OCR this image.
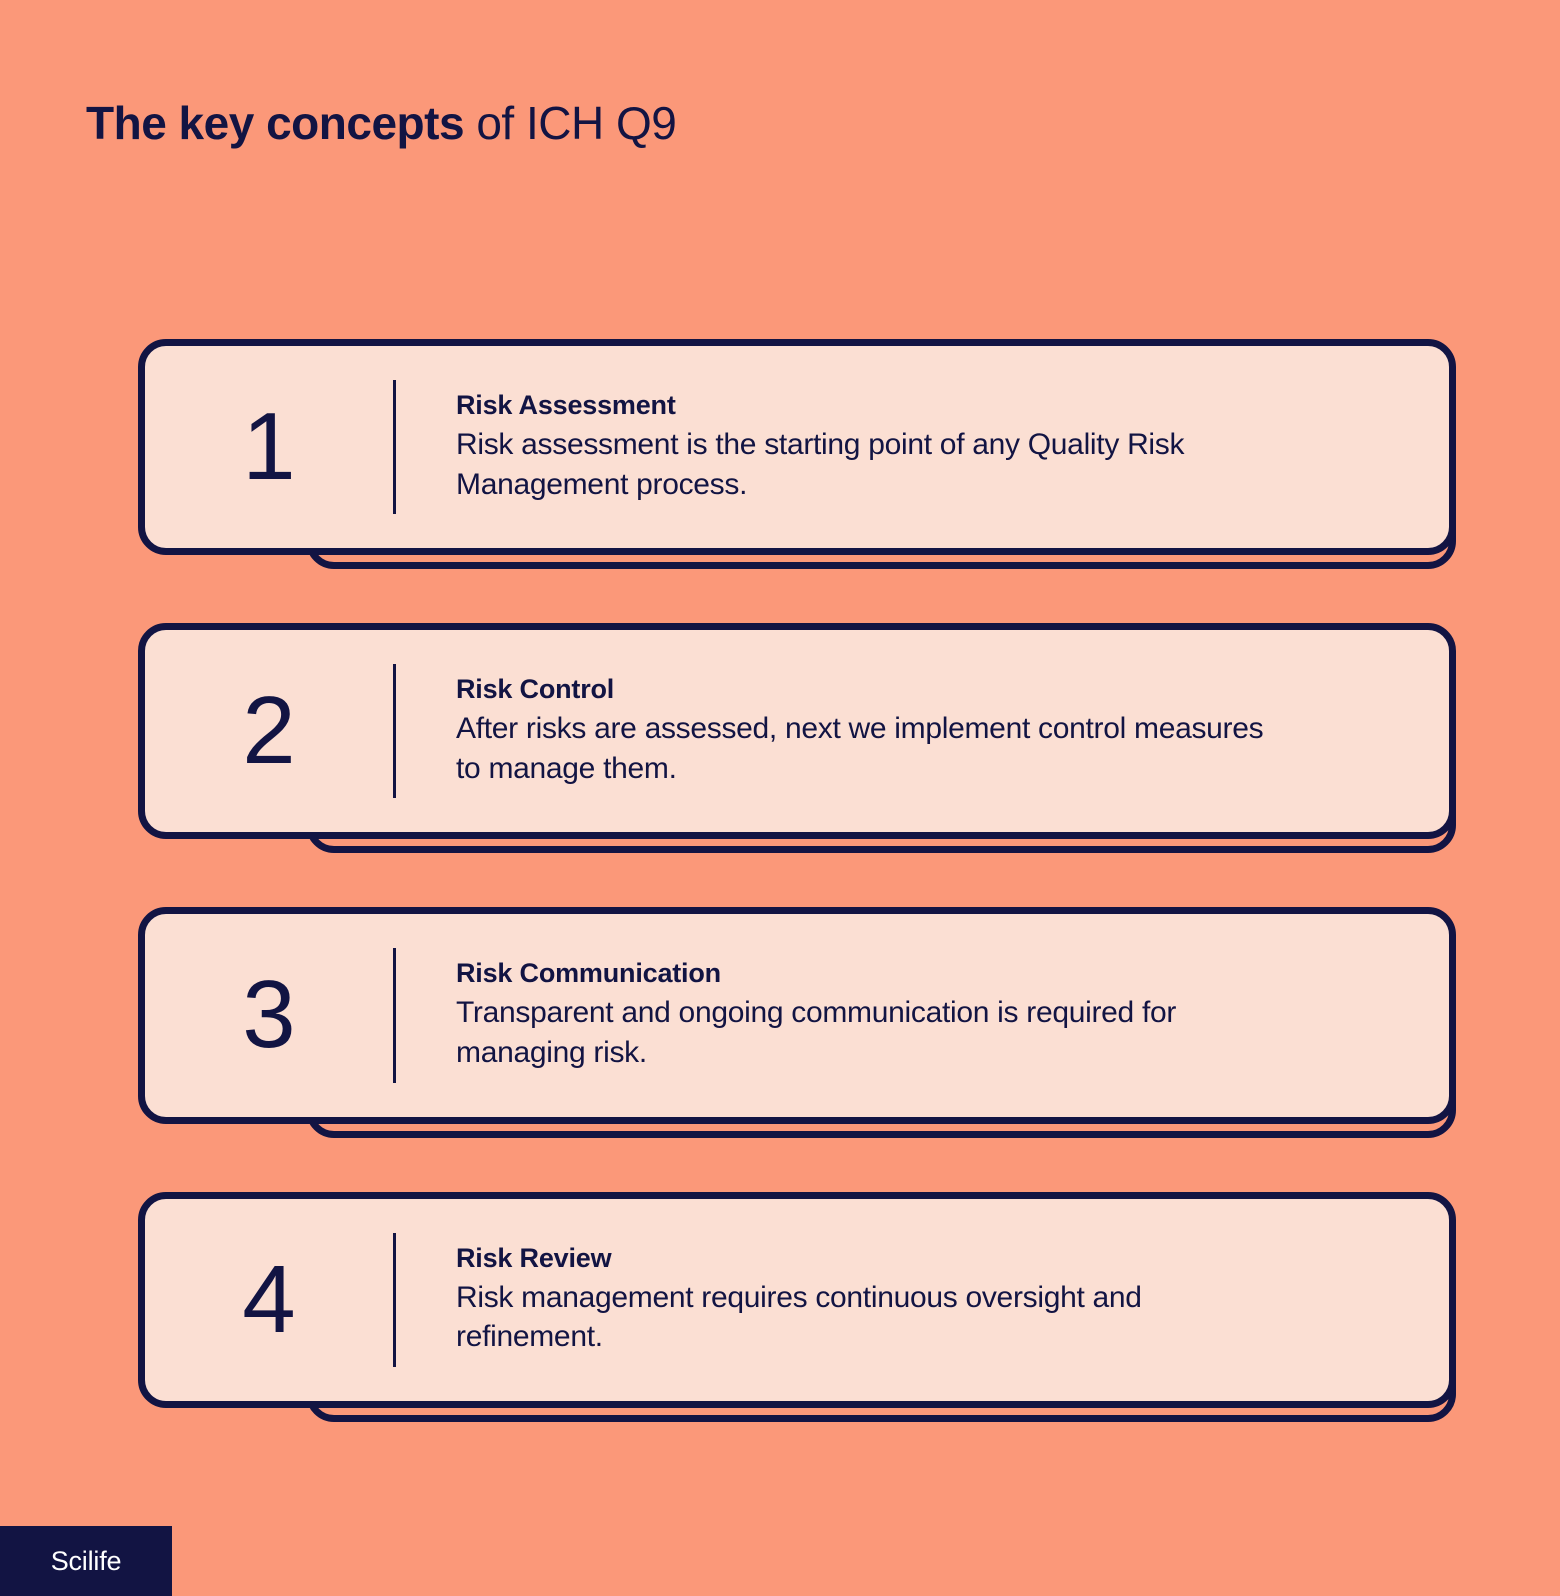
The key concepts of ICH Q9
1	Risk Assessment
Risk assessment is the starting point of any Quality Risk Management process.
2	Risk Control
After risks are assessed, next we implement control measures to manage them.
3	Risk Communication
Transparent and ongoing communication is required for managing risk.
4	Risk Review
Risk management requires continuous oversight and refinement.
Scilife
